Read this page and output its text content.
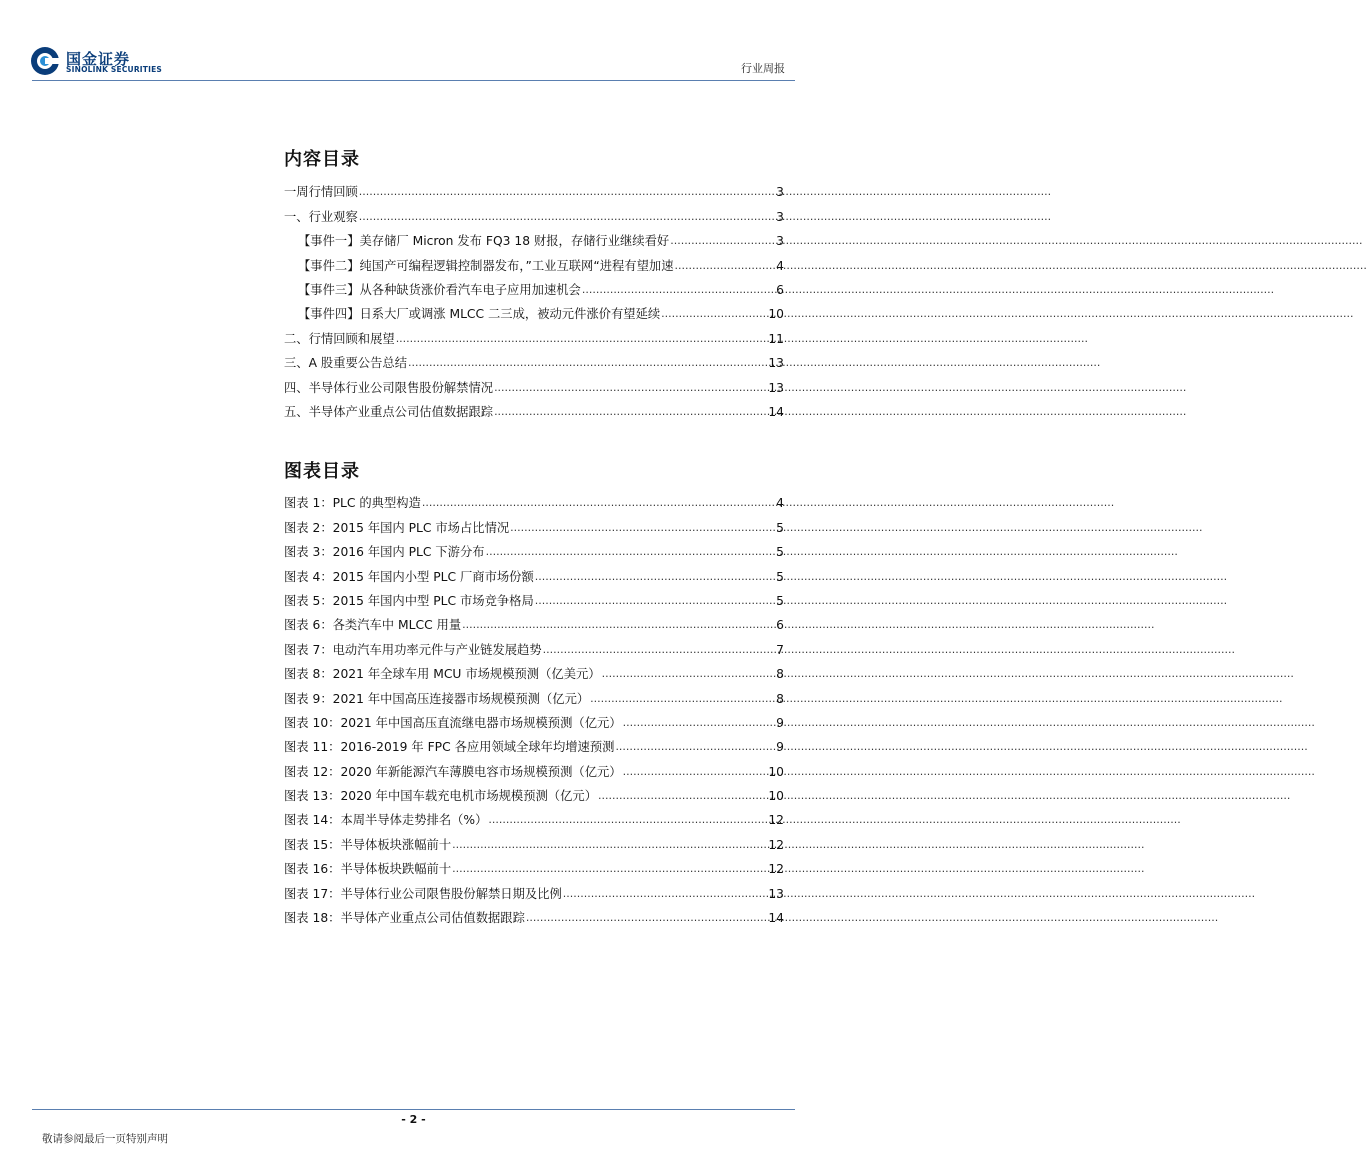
国金证券
SINOLINK SECURITIES	行业周报
内容目录
一周行情回顾 .....	3
一、行业观察 .....	3
【事件一】美存储厂 Micron 发布 FQ3 18 财报，存储行业继续看好 .....	3
【事件二】纯国产可编程逻辑控制器发布，”工业互联网“进程有望加速 .....	4
【事件三】从各种缺货涨价看汽车电子应用加速机会 .....	6
【事件四】日系大厂或调涨 MLCC 二三成，被动元件涨价有望延续 .....	10
二、行情回顾和展望 .....	11
三、A 股重要公告总结 .....	13
四、半导体行业公司限售股份解禁情况 .....	13
五、半导体产业重点公司估值数据跟踪 .....	14
图表目录
图表 1：PLC 的典型构造 .....	4
图表 2：2015 年国内 PLC 市场占比情况 .....	5
图表 3：2016 年国内 PLC 下游分布 .....	5
图表 4：2015 年国内小型 PLC 厂商市场份额 .....	5
图表 5：2015 年国内中型 PLC 市场竞争格局 .....	5
图表 6：各类汽车中 MLCC 用量 .....	6
图表 7：电动汽车用功率元件与产业链发展趋势 .....	7
图表 8：2021 年全球车用 MCU 市场规模预测（亿美元） .....	8
图表 9：2021 年中国高压连接器市场规模预测（亿元） .....	8
图表 10：2021 年中国高压直流继电器市场规模预测（亿元） .....	9
图表 11：2016-2019 年 FPC 各应用领域全球年均增速预测 .....	9
图表 12：2020 年新能源汽车薄膜电容市场规模预测（亿元） .....	10
图表 13：2020 年中国车载充电机市场规模预测（亿元） .....	10
图表 14：本周半导体走势排名（%） .....	12
图表 15：半导体板块涨幅前十 .....	12
图表 16：半导体板块跌幅前十 .....	12
图表 17：半导体行业公司限售股份解禁日期及比例 .....	13
图表 18：半导体产业重点公司估值数据跟踪 .....	14
- 2 -
敬请参阅最后一页特别声明
